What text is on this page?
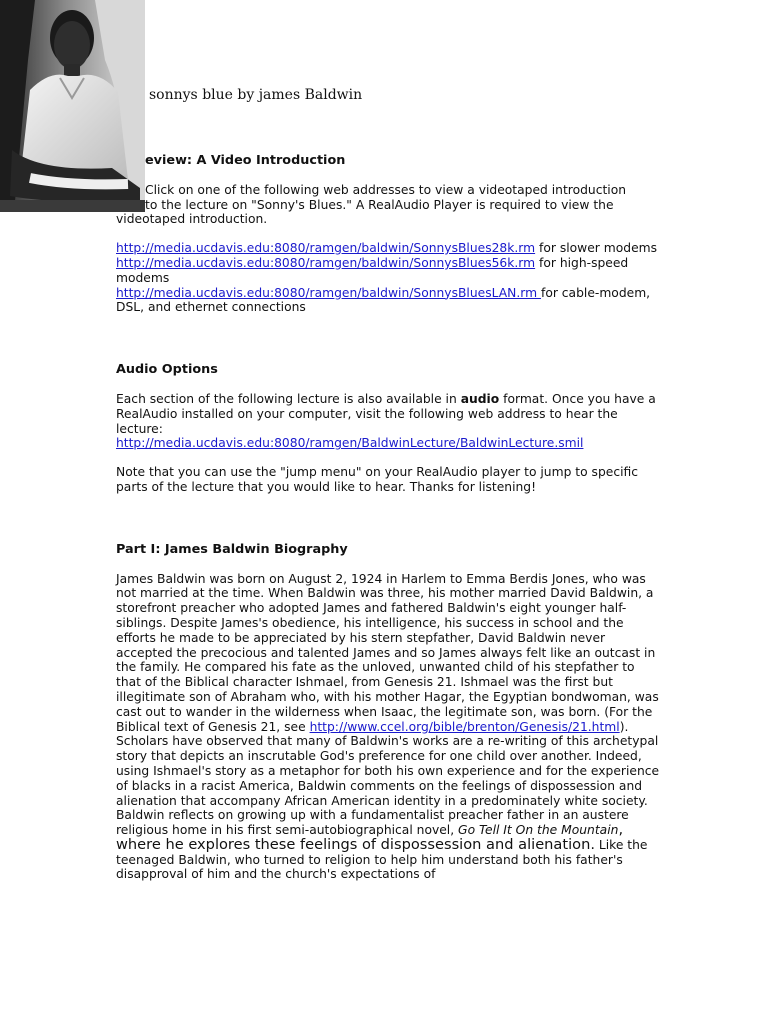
sonnys blue by james Baldwin

eview: A Video Introduction

Click on one of the following web addresses to view a videotaped introduction
to the lecture on "Sonny's Blues." A RealAudio Player is required to view the
videotaped introduction.

http://media.ucdavis.edu:8080/ramgen/baldwin/SonnysBlues28k.rm for slower modems

http://media.ucdavis.edu:8080/ramgen/baldwin/SonnysBlues56k.rm for high-speed modems

http://media.ucdavis.edu:8080/ramgen/baldwin/SonnysBluesLAN.rm for cable-modem, DSL, and ethernet connections

Audio Options

Each section of the following lecture is also available in audio format. Once you have a RealAudio installed on your computer, visit the following web address to hear the lecture:
http://media.ucdavis.edu:8080/ramgen/BaldwinLecture/BaldwinLecture.smil

Note that you can use the "jump menu" on your RealAudio player to jump to specific parts of the lecture that you would like to hear. Thanks for listening!

Part I: James Baldwin Biography

James Baldwin was born on August 2, 1924 in Harlem to Emma Berdis Jones, who was not married at the time. When Baldwin was three, his mother married David Baldwin, a storefront preacher who adopted James and fathered Baldwin's eight younger half-siblings. Despite James's obedience, his intelligence, his success in school and the efforts he made to be appreciated by his stern stepfather, David Baldwin never accepted the precocious and talented James and so James always felt like an outcast in the family. He compared his fate as the unloved, unwanted child of his stepfather to that of the Biblical character Ishmael, from Genesis 21. Ishmael was the first but illegitimate son of Abraham who, with his mother Hagar, the Egyptian bondwoman, was cast out to wander in the wilderness when Isaac, the legitimate son, was born. (For the Biblical text of Genesis 21, see http://www.ccel.org/bible/brenton/Genesis/21.html). Scholars have observed that many of Baldwin's works are a re-writing of this archetypal story that depicts an inscrutable God's preference for one child over another. Indeed, using Ishmael's story as a metaphor for both his own experience and for the experience of blacks in a racist America, Baldwin comments on the feelings of dispossession and alienation that accompany African American identity in a predominately white society. Baldwin reflects on growing up with a fundamentalist preacher father in an austere religious home in his first semi-autobiographical novel, Go Tell It On the Mountain, where he explores these feelings of dispossession and alienation. Like the teenaged Baldwin, who turned to religion to help him understand both his father's disapproval of him and the church's expectations of
